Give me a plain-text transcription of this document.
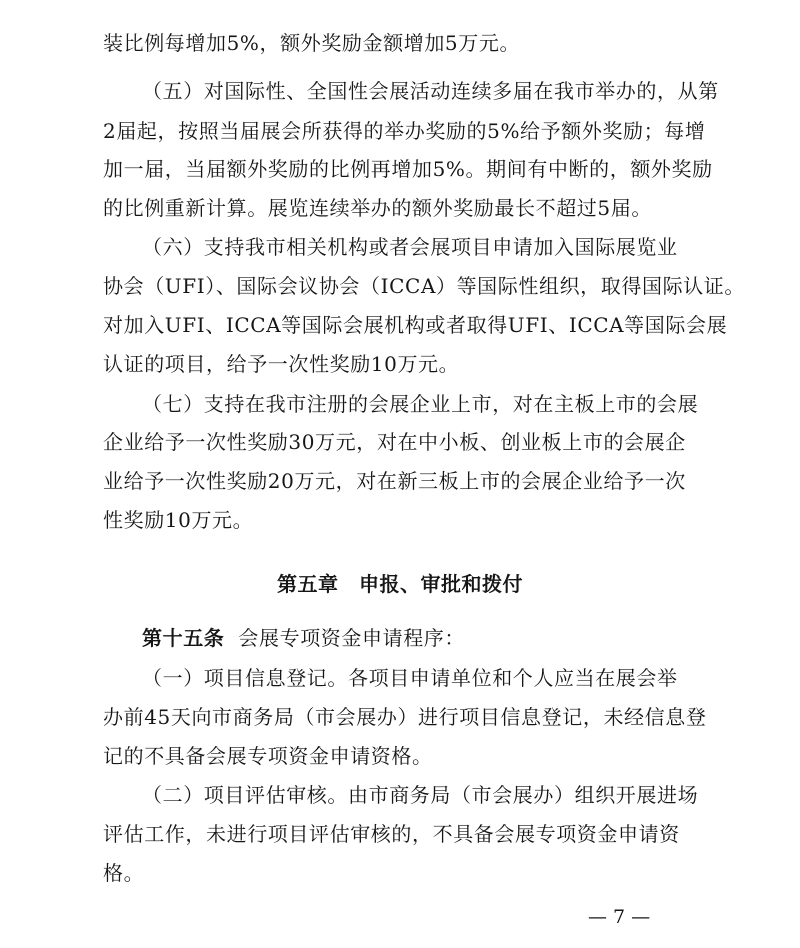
装比例每增加5%，额外奖励金额增加5万元。
（五）对国际性、全国性会展活动连续多届在我市举办的，从第
2届起，按照当届展会所获得的举办奖励的5%给予额外奖励；每增
加一届，当届额外奖励的比例再增加5%。期间有中断的，额外奖励
的比例重新计算。展览连续举办的额外奖励最长不超过5届。
（六）支持我市相关机构或者会展项目申请加入国际展览业
协会（UFI）、国际会议协会（ICCA）等国际性组织，取得国际认证。
对加入UFI、ICCA等国际会展机构或者取得UFI、ICCA等国际会展
认证的项目，给予一次性奖励10万元。
（七）支持在我市注册的会展企业上市，对在主板上市的会展
企业给予一次性奖励30万元，对在中小板、创业板上市的会展企
业给予一次性奖励20万元，对在新三板上市的会展企业给予一次
性奖励10万元。
第五章　申报、审批和拨付
第十五条 会展专项资金申请程序：
（一）项目信息登记。各项目申请单位和个人应当在展会举
办前45天向市商务局（市会展办）进行项目信息登记，未经信息登
记的不具备会展专项资金申请资格。
（二）项目评估审核。由市商务局（市会展办）组织开展进场
评估工作，未进行项目评估审核的，不具备会展专项资金申请资
格。
— 7 —
